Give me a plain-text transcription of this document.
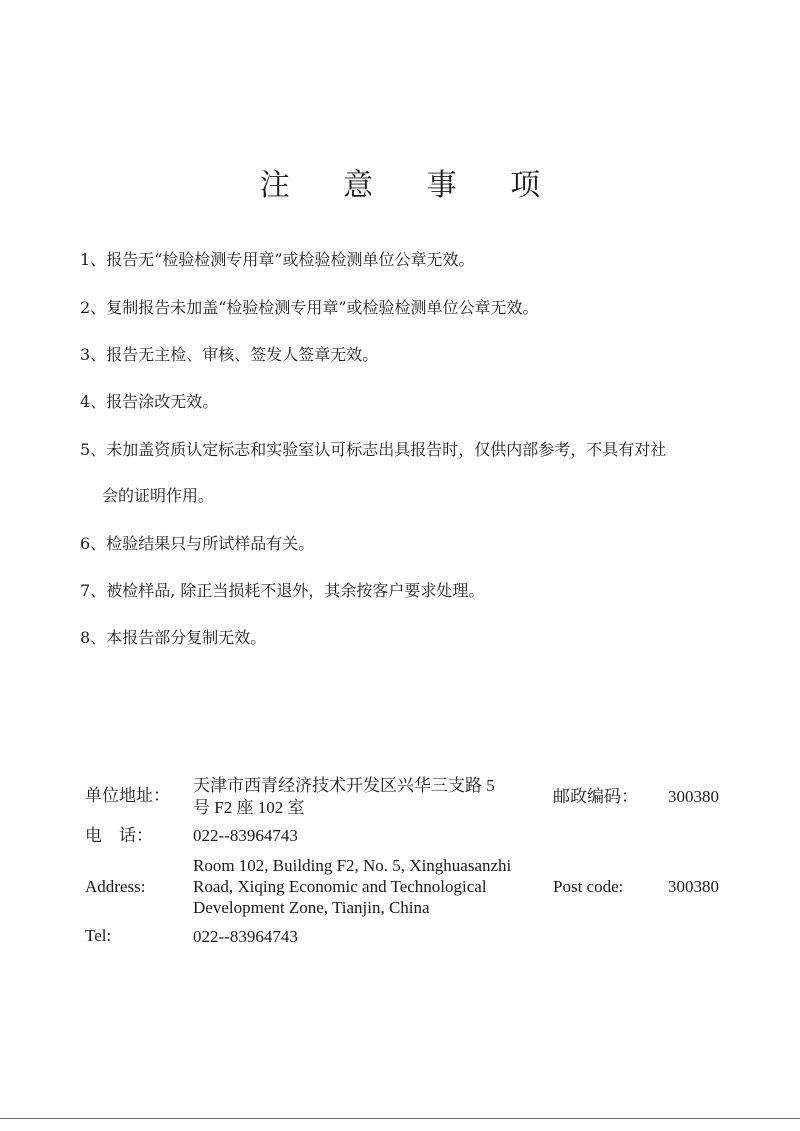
注 意 事 项

1、报告无“检验检测专用章”或检验检测单位公章无效。

2、复制报告未加盖“检验检测专用章”或检验检测单位公章无效。

3、报告无主检、审核、签发人签章无效。

4、报告涂改无效。

5、未加盖资质认定标志和实验室认可标志出具报告时，仅供内部参考，不具有对社

会的证明作用。

6、检验结果只与所试样品有关。

7、被检样品, 除正当损耗不退外，其余按客户要求处理。

8、本报告部分复制无效。

单位地址：
天津市西青经济技术开发区兴华三支路 5
号 F2 座 102 室
邮政编码： 300380
电    话： 022--83964743
Address:
Room 102, Building F2, No. 5, Xinghuasanzhi
Road, Xiqing Economic and Technological
Development Zone, Tianjin, China
Post code:	300380
Tel:	022--83964743
